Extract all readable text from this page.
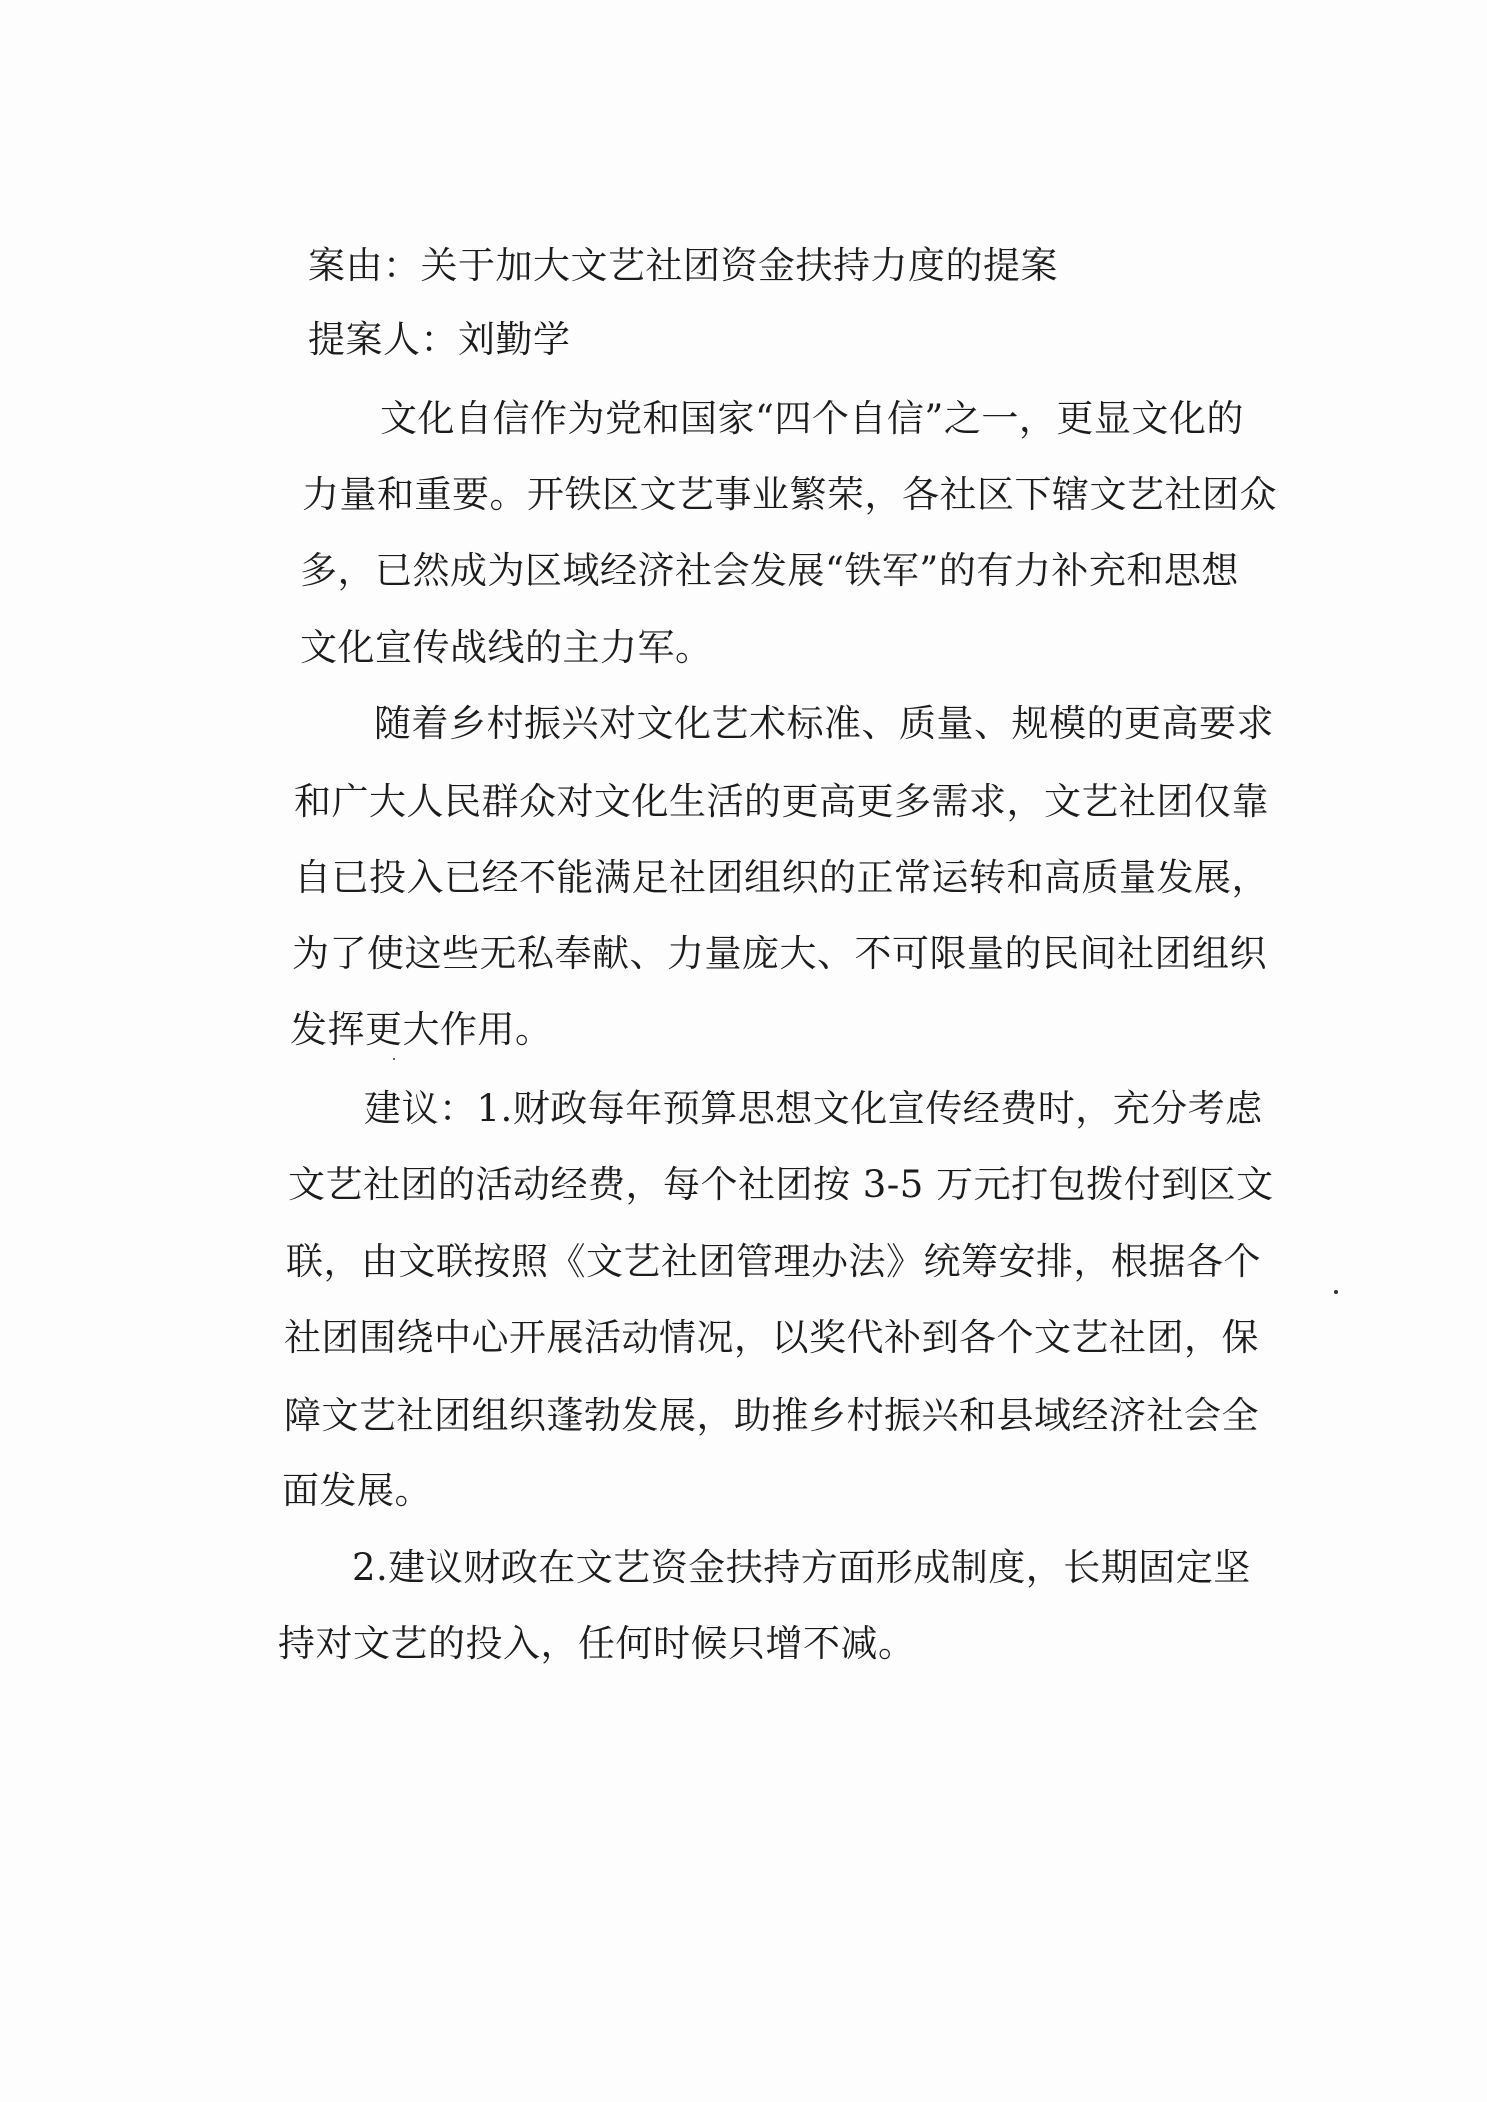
案由：关于加大文艺社团资金扶持力度的提案
提案人：刘勤学
文化自信作为党和国家“四个自信”之一，更显文化的
力量和重要。开铁区文艺事业繁荣，各社区下辖文艺社团众
多，已然成为区域经济社会发展“铁军”的有力补充和思想
文化宣传战线的主力军。
随着乡村振兴对文化艺术标准、质量、规模的更高要求
和广大人民群众对文化生活的更高更多需求，文艺社团仅靠
自已投入已经不能满足社团组织的正常运转和高质量发展，
为了使这些无私奉献、力量庞大、不可限量的民间社团组织
发挥更大作用。
建议：1.财政每年预算思想文化宣传经费时，充分考虑
文艺社团的活动经费，每个社团按 3-5 万元打包拨付到区文
联，由文联按照《文艺社团管理办法》统筹安排，根据各个
社团围绕中心开展活动情况，以奖代补到各个文艺社团，保
障文艺社团组织蓬勃发展，助推乡村振兴和县域经济社会全
面发展。
2.建议财政在文艺资金扶持方面形成制度，长期固定坚
持对文艺的投入，任何时候只增不减。
